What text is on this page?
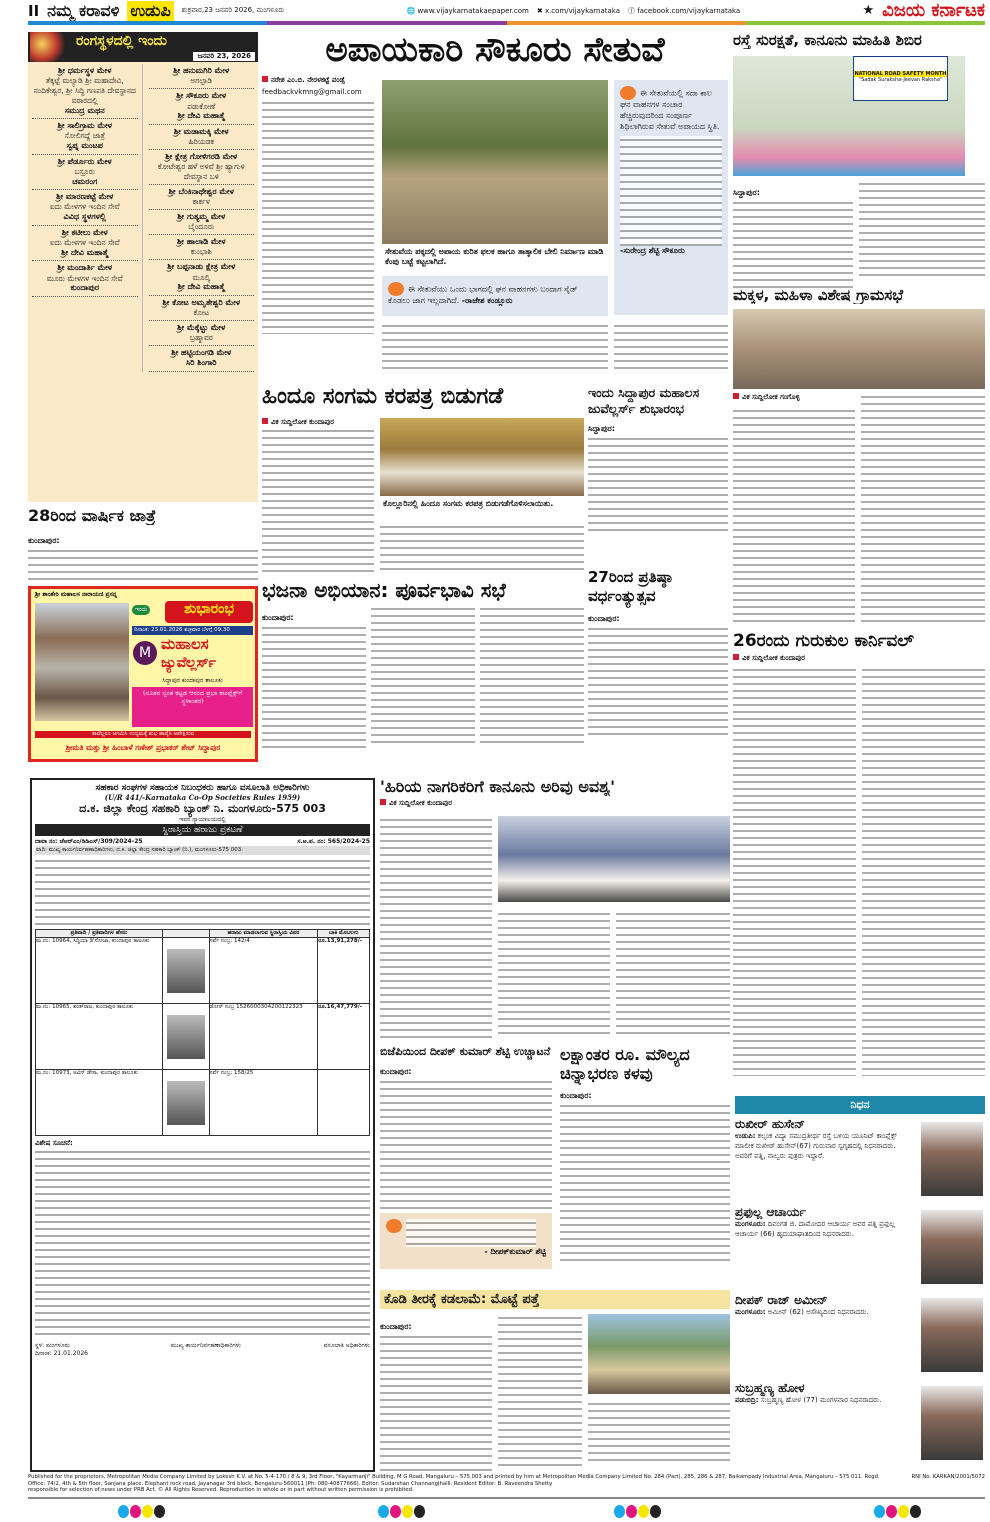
II ನಮ್ಮ ಕರಾವಳಿ ಉಡುಪಿ	ಶುಕ್ರವಾರ,23 ಜನವರಿ 2026, ಮಂಗಳೂರು	🌐 www.vijaykarnatakaepaper.com ✖ x.com/vijaykarnataka ⓕ facebook.com/vijaykarnataka	★ ವಿಜಯ ಕರ್ನಾಟಕ
ರಂಗಸ್ಥಳದಲ್ಲಿ ಇಂದು
ಜನವರಿ 23, 2026
ಶ್ರೀ ಧರ್ಮಸ್ಥಳ ಮೇಳ
ತೆಕ್ಕಟ್ಟೆ ಮಲ್ಯಾಡಿ ಶ್ರೀ ಮಹಾದೇವಿ, ನಂದಿಕೇಶ್ವರ, ಶ್ರೀ ಸಿದ್ಧಿ ಗಣಪತಿ ದೇವಸ್ಥಾನದ ವಠಾರದಲ್ಲಿ
ಸಮುದ್ರ ಮಥನ
ಶ್ರೀ ಸಾಲಿಗ್ರಾಮ ಮೇಳ
ಸೋಲಿಗದ್ದೆ ಜಾತ್ರೆ
ಸ್ವಪ್ನ ಮಂಟಪ
ಶ್ರೀ ಪೆರ್ಡೂರು ಮೇಳ
ಬಸ್ರೂರು
ಚಮರಂಗ
ಶ್ರೀ ಮಾರಣಕಟ್ಟೆ ಮೇಳ
ಐದು ಮೇಳಗಳ ಇಂದಿನ ಸೇವೆ
ವಿವಿಧ ಸ್ಥಳಗಳಲ್ಲಿ
ಶ್ರೀ ಕಟೀಲು ಮೇಳ
ಐದು ಮೇಳಗಳ ಇಂದಿನ ಸೇವೆ
ಶ್ರೀ ದೇವಿ ಮಹಾತ್ಮೆ
ಶ್ರೀ ಮಂದಾರ್ತಿ ಮೇಳ
ಮೂರು ಮೇಳಗಳ ಇಂದಿನ ಸೇವೆ
ಕುಂದಾಪುರ
ಶ್ರೀ ಹನುಮಗಿರಿ ಮೇಳ
ಅಗಲ್ಪಾಡಿ
ಶ್ರೀ ಸೌಕೂರು ಮೇಳ
ಪಡುಕೋಣೆ
ಶ್ರೀ ದೇವಿ ಮಹಾತ್ಮೆ
ಶ್ರೀ ಮಡಾಮಕ್ಕಿ ಮೇಳ
ಹಿರಿಯಡಕ
ಶ್ರೀ ಕ್ಷೇತ್ರ ಗೋಳಿಗರಡಿ ಮೇಳ
ಕೋಟೇಶ್ವರ ಹಳೆ ಅಳಿವೆ ಶ್ರೀ ಹ್ಯಾಗುಳಿ ದೇವಸ್ಥಾನ ಬಳಿ
ಶ್ರೀ ಬೆಂಕಿನಾಥೇಶ್ವರ ಮೇಳ
ಕಾರ್ಕಳ
ಶ್ರೀ ಗುತ್ಯಮ್ಮ ಮೇಳ
ಬೈಂದೂರು
ಶ್ರೀ ಹಾಲಾಡಿ ಮೇಳ
ಕುಂಭಾಶಿ
ಶ್ರೀ ಬಪ್ಪನಾಡು ಕ್ಷೇತ್ರ ಮೇಳ
ಮೂಲ್ಕಿ
ಶ್ರೀ ದೇವಿ ಮಹಾತ್ಮೆ
ಶ್ರೀ ಕೋಟ ಅಮೃತೇಶ್ವರಿ ಮೇಳ
ಕೋಟ
ಶ್ರೀ ಮೆಕ್ಕೆಟ್ಟು ಮೇಳ
ಬ್ರಹ್ಮಾವರ
ಶ್ರೀ ಹಟ್ಟಿಯಂಗಡಿ ಮೇಳ
ಸಿರಿ ಶಿಂಗಾರಿ
28ರಿಂದ ವಾರ್ಷಿಕ ಜಾತ್ರೆ
ಕುಂದಾಪುರ:
ಶ್ರೀ ಶಾಂತೇರಿ ಮಹಾಲಸ ನಾರಾಯಣಿ ಪ್ರಸನ್ನ
ಇಂದು	ಶುಭಾರಂಭ
ದಿನಾಂಕ: 23.01.2026 ಶುಕ್ರವಾರ ಬೆಳಗ್ಗೆ 09.30
M ಮಹಾಲಸ
ಜ್ಯುವೆಲ್ಲರ್ಸ್
ಸಿದ್ದಾಪುರ ಕುಂದಾಪುರ ತಾಲೂಕು
(ನೂತನ ಸ್ವಂತ ಕಟ್ಟಡ ಆನಂದ ಪ್ರಭಾ ಕಾಂಪ್ಲೆಕ್ಸ್‌ಗೆ ಸ್ಥಳಾಂತರ)
ತಾವೆಲ್ಲರೂ ಆಗಮಿಸಿ ಉದ್ಯಮಕ್ಕೆ ಶುಭ ಹಾರೈಸಿ ಅಪೇಕ್ಷಿಸುವ
ಶ್ರೀಮತಿ ಮತ್ತು ಶ್ರೀ ಹಿಂಬಾಳೆ ಗಣೇಶ್ ಪ್ರಭಾಕರ್ ಶೇಟ್ ಸಿದ್ದಾಪುರ
ಅಪಾಯಕಾರಿ ಸೌಕೂರು ಸೇತುವೆ
ನರೇಶ ಎಂ.ಬಿ. ನೇರಳಕಟ್ಟೆ ವಂಡ್ಸೆ
feedbackvkmng@gmail.com
ಸೇತುವೆಯ ಪಕ್ಕದಲ್ಲಿ ಅಪಾಯ ಕುರಿತ ಫಲಕ ಹಾಗೂ ತಾತ್ಕಾಲಿಕ ಬೇಲಿ ನಿರ್ಮಾಣ ಮಾಡಿ ಕೆಂಪು ಬಟ್ಟೆ ಕಟ್ಟಲಾಗಿದೆ.
ಈ ಸೇತುವೆಯು ಒಂದು ಭಾಗದಲ್ಲಿ ಘನ ವಾಹನಗಳು ಬಂದಾಗ ಸೈಡ್ ಕೊಡಲು ಜಾಗ ಇಲ್ಲದಾಗಿದೆ. -ರಾಜೇಶ ಕಂಡ್ಲೂರು
ಈ ಸೇತುವೆಯಲ್ಲಿ ಸದಾ ಕಾಲ ಘನ ವಾಹನಗಳ ಸಂಚಾರ ಹೆಚ್ಚಿರುವುದರಿಂದ ಸಂಪೂರ್ಣ ಶಿಥಿಲಾಗಿರುವ ಸೇತುವೆ ಅಪಾಯದ ಸ್ಥಿತಿ.
-ಸುರೇಂದ್ರ ಶೆಟ್ಟಿ ಸೌಕೂರು
ರಸ್ತೆ ಸುರಕ್ಷತೆ, ಕಾನೂನು ಮಾಹಿತಿ ಶಿಬಿರ
NATIONAL ROAD SAFETY MONTH
"Sadak Suraksha-Jeevan Raksha"
ಸಿದ್ದಾಪುರ:
ಮಕ್ಕಳ, ಮಹಿಳಾ ವಿಶೇಷ ಗ್ರಾಮಸಭೆ
ವಿಕ ಸುದ್ದಿಲೋಕ ಗಂಗೊಳ್ಳಿ
26ರಂದು ಗುರುಕುಲ ಕಾರ್ನಿವಲ್
ವಿಕ ಸುದ್ದಿಲೋಕ ಕುಂದಾಪುರ
ಹಿಂದೂ ಸಂಗಮ ಕರಪತ್ರ ಬಿಡುಗಡೆ
ವಿಕ ಸುದ್ದಿಲೋಕ ಕುಂದಾಪುರ
ಕೊಲ್ಲೂರಿನಲ್ಲಿ ಹಿಂದೂ ಸಂಗಮ ಕರಪತ್ರ ಬಿಡುಗಡೆಗೊಳಿಸಲಾಯಿತು.
ಇಂದು ಸಿದ್ದಾಪುರ ಮಹಾಲಸ ಜುವೆಲ್ಲರ್ಸ್ ಶುಭಾರಂಭ
ಸಿದ್ದಾಪುರ:
ಭಜನಾ ಅಭಿಯಾನ: ಪೂರ್ವಭಾವಿ ಸಭೆ
ಕುಂದಾಪುರ:
27ರಿಂದ ಪ್ರತಿಷ್ಠಾ ವರ್ಧಂತ್ಯುತ್ಸವ
ಕುಂದಾಪುರ:
ಸಹಕಾರ ಸಂಘಗಳ ಸಹಾಯಕ ನಿಬಂಧಕರು ಹಾಗೂ ವಸೂಲಾತಿ ಅಧಿಕಾರಿಗಳು
(U/R 441/-Karnataka Co-Op Societies Rules 1959)
ದ.ಕ. ಜಿಲ್ಲಾ ಕೇಂದ್ರ ಸಹಕಾರಿ ಬ್ಯಾಂಕ್ ನಿ. ಮಂಗಳೂರು-575 003
ಇವರ ನ್ಯಾಯಾಲಯದಲ್ಲಿ
ಸ್ಥಿರಾಸ್ತಿಯ ಹರಾಜು ಪ್ರಕಟಣೆ
ದಾವಾ ನಂ: ಜೆಆರ್‌ಎಂ/ಡಿಡಿಎಸ್/309/2024-25	ಸ.ಅ.ಪ. ನಂ: 565/2024-25
ವಾದಿ: ಮುಖ್ಯ ಕಾರ್ಯನಿರ್ವಹಣಾಧಿಕಾರಿಗಳು, ದ.ಕ. ಜಿಲ್ಲಾ ಕೇಂದ್ರ ಸಹಕಾರಿ ಬ್ಯಾಂಕ್ (ನಿ.), ಮಂಗಳೂರು-575 003.
ಪ್ರತಿವಾದಿ / ಪ್ರತಿವಾದಿಗಳ ಹೆಸರು		ಹರಾಜು ಮಾಡಲಾಗುವ ಸ್ಥಿರಾಸ್ತಿಯ ವಿವರ	ಬಾಕಿ ಮೊಬಲಗು
ಮ.ನಂ: 10964, ಸಿದ್ಧಿಯಾ ಡಿ'ಸೋಜಾ, ಕುಂದಾಪುರ ತಾಲೂಕು		ಸರ್ವೆ ನಂಬ್ರ: 142/4	ರೂ.13,91,278/-
ಮ.ನಂ: 10965, ಶರತ್‌ರಾಜ, ಕುಂದಾಪುರ ತಾಲೂಕು		ಡೋರ್ ನಂಬ್ರ 1526000304200122323	ರೂ.16,47,779/-
ಮ.ನಂ: 10973, ಅವಿನ್ ಡೇಸಾ, ಕುಂದಾಪುರ ತಾಲೂಕು		ಸರ್ವೆ ನಂಬ್ರ: 158/25	
ವಿಶೇಷ ಸೂಚನೆ:
ಸ್ಥಳ: ಮಂಗಳೂರು
ದಿನಾಂಕ: 21.01.2026
ಮುಖ್ಯ ಕಾರ್ಯನಿರ್ವಹಣಾಧಿಕಾರಿಗಳು	ವಸೂಲಾತಿ ಅಧಿಕಾರಿಗಳು
'ಹಿರಿಯ ನಾಗರಿಕರಿಗೆ ಕಾನೂನು ಅರಿವು ಅವಶ್ಯ'
ವಿಕ ಸುದ್ದಿಲೋಕ ಕುಂದಾಪುರ
ಬಿಜೆಪಿಯಿಂದ ದೀಪಕ್ ಕುಮಾರ್ ಶೆಟ್ಟಿ ಉಚ್ಚಾಟನೆ
ಕುಂದಾಪುರ:
- ದೀಪಕ್‌ಕುಮಾರ್ ಶೆಟ್ಟಿ
ಲಕ್ಷಾಂತರ ರೂ. ಮೌಲ್ಯದ ಚಿನ್ನಾಭರಣ ಕಳವು
ಕುಂದಾಪುರ:
ಕೊಡಿ ತೀರಕ್ಕೆ ಕಡಲಾಮೆ: ಮೊಟ್ಟೆ ಪತ್ತೆ
ಕುಂದಾಪುರ:
ನಿಧನ
ರುಖೀರ್ ಹುಸೇನ್
ಉಡುಪಿ: ಕಲ್ಸಂಕ ವಿದ್ಯಾ ಸಮುದ್ರತೀರ್ಥ ರಸ್ತೆ ಬಳಿಯ ಯೂನಿಟ್ ಕಾಂಪ್ಲೆಕ್ಸ್ ಮಾಲೀಕ ರುಖೀರ್ ಹುಸೇನ್(67) ಗುರುವಾರ ಸ್ವಗೃಹದಲ್ಲಿ ನಿಧನರಾದರು. ಅವರಿಗೆ ಪತ್ನಿ, ನಾಲ್ವರು ಪುತ್ರರು ಇದ್ದಾರೆ.
ಪ್ರಫುಲ್ಲ ಆಚಾರ್ಯ
ಮಂಗಳೂರು: ದಿವಂಗತ ಜಿ. ದಾಮೋದರ ಆಚಾರ್ಯ ಅವರ ಪತ್ನಿ ಪ್ರಫುಲ್ಲ ಆಚಾರ್ಯ (66) ಹೃದಯಾಘಾತದಿಂದ ನಿಧನರಾದರು.
ದೀಪಕ್ ರಾಜ್ ಅಮೀನ್
ಮಂಗಳೂರು: ಅಮೀನ್ (62) ಅಸೌಖ್ಯದಿಂದ ನಿಧನರಾದರು.
ಸುಬ್ರಹ್ಮಣ್ಯ ಹೋಳ
ಪಡುಬಿದ್ರಿ: ಸುಬ್ರಹ್ಮಣ್ಯ ಹೋಳ (77) ಮಂಗಳವಾರ ನಿಧನರಾದರು.
Published for the proprietors, Metropolitan Media Company Limited by Lokesh K.V. at No. 5-4-170 / 8 & 9, 3rd Floor, "Kayarmanji" Building, M G Road, Mangaluru – 575 003 and printed by him at Metropolitan Media Company Limited No. 284 (Part), 285, 286 & 287, Baikampady Industrial Area, Mangaluru – 575 011. Regd. Office: 74/2, 4th & 5th floor, Sanjana place, Elephant rock road, Jayanagar 3rd block, Bengaluru-560011 (Ph: 080-40877666). Editor: Sudarshan Channangihalli. Resident Editor: B. Raveendra Shetty
responsible for selection of news under PRB Act. © All Rights Reserved. Reproduction in whole or in part without written permission is prohibited.
RNI No. KARKAN/2001/5072
